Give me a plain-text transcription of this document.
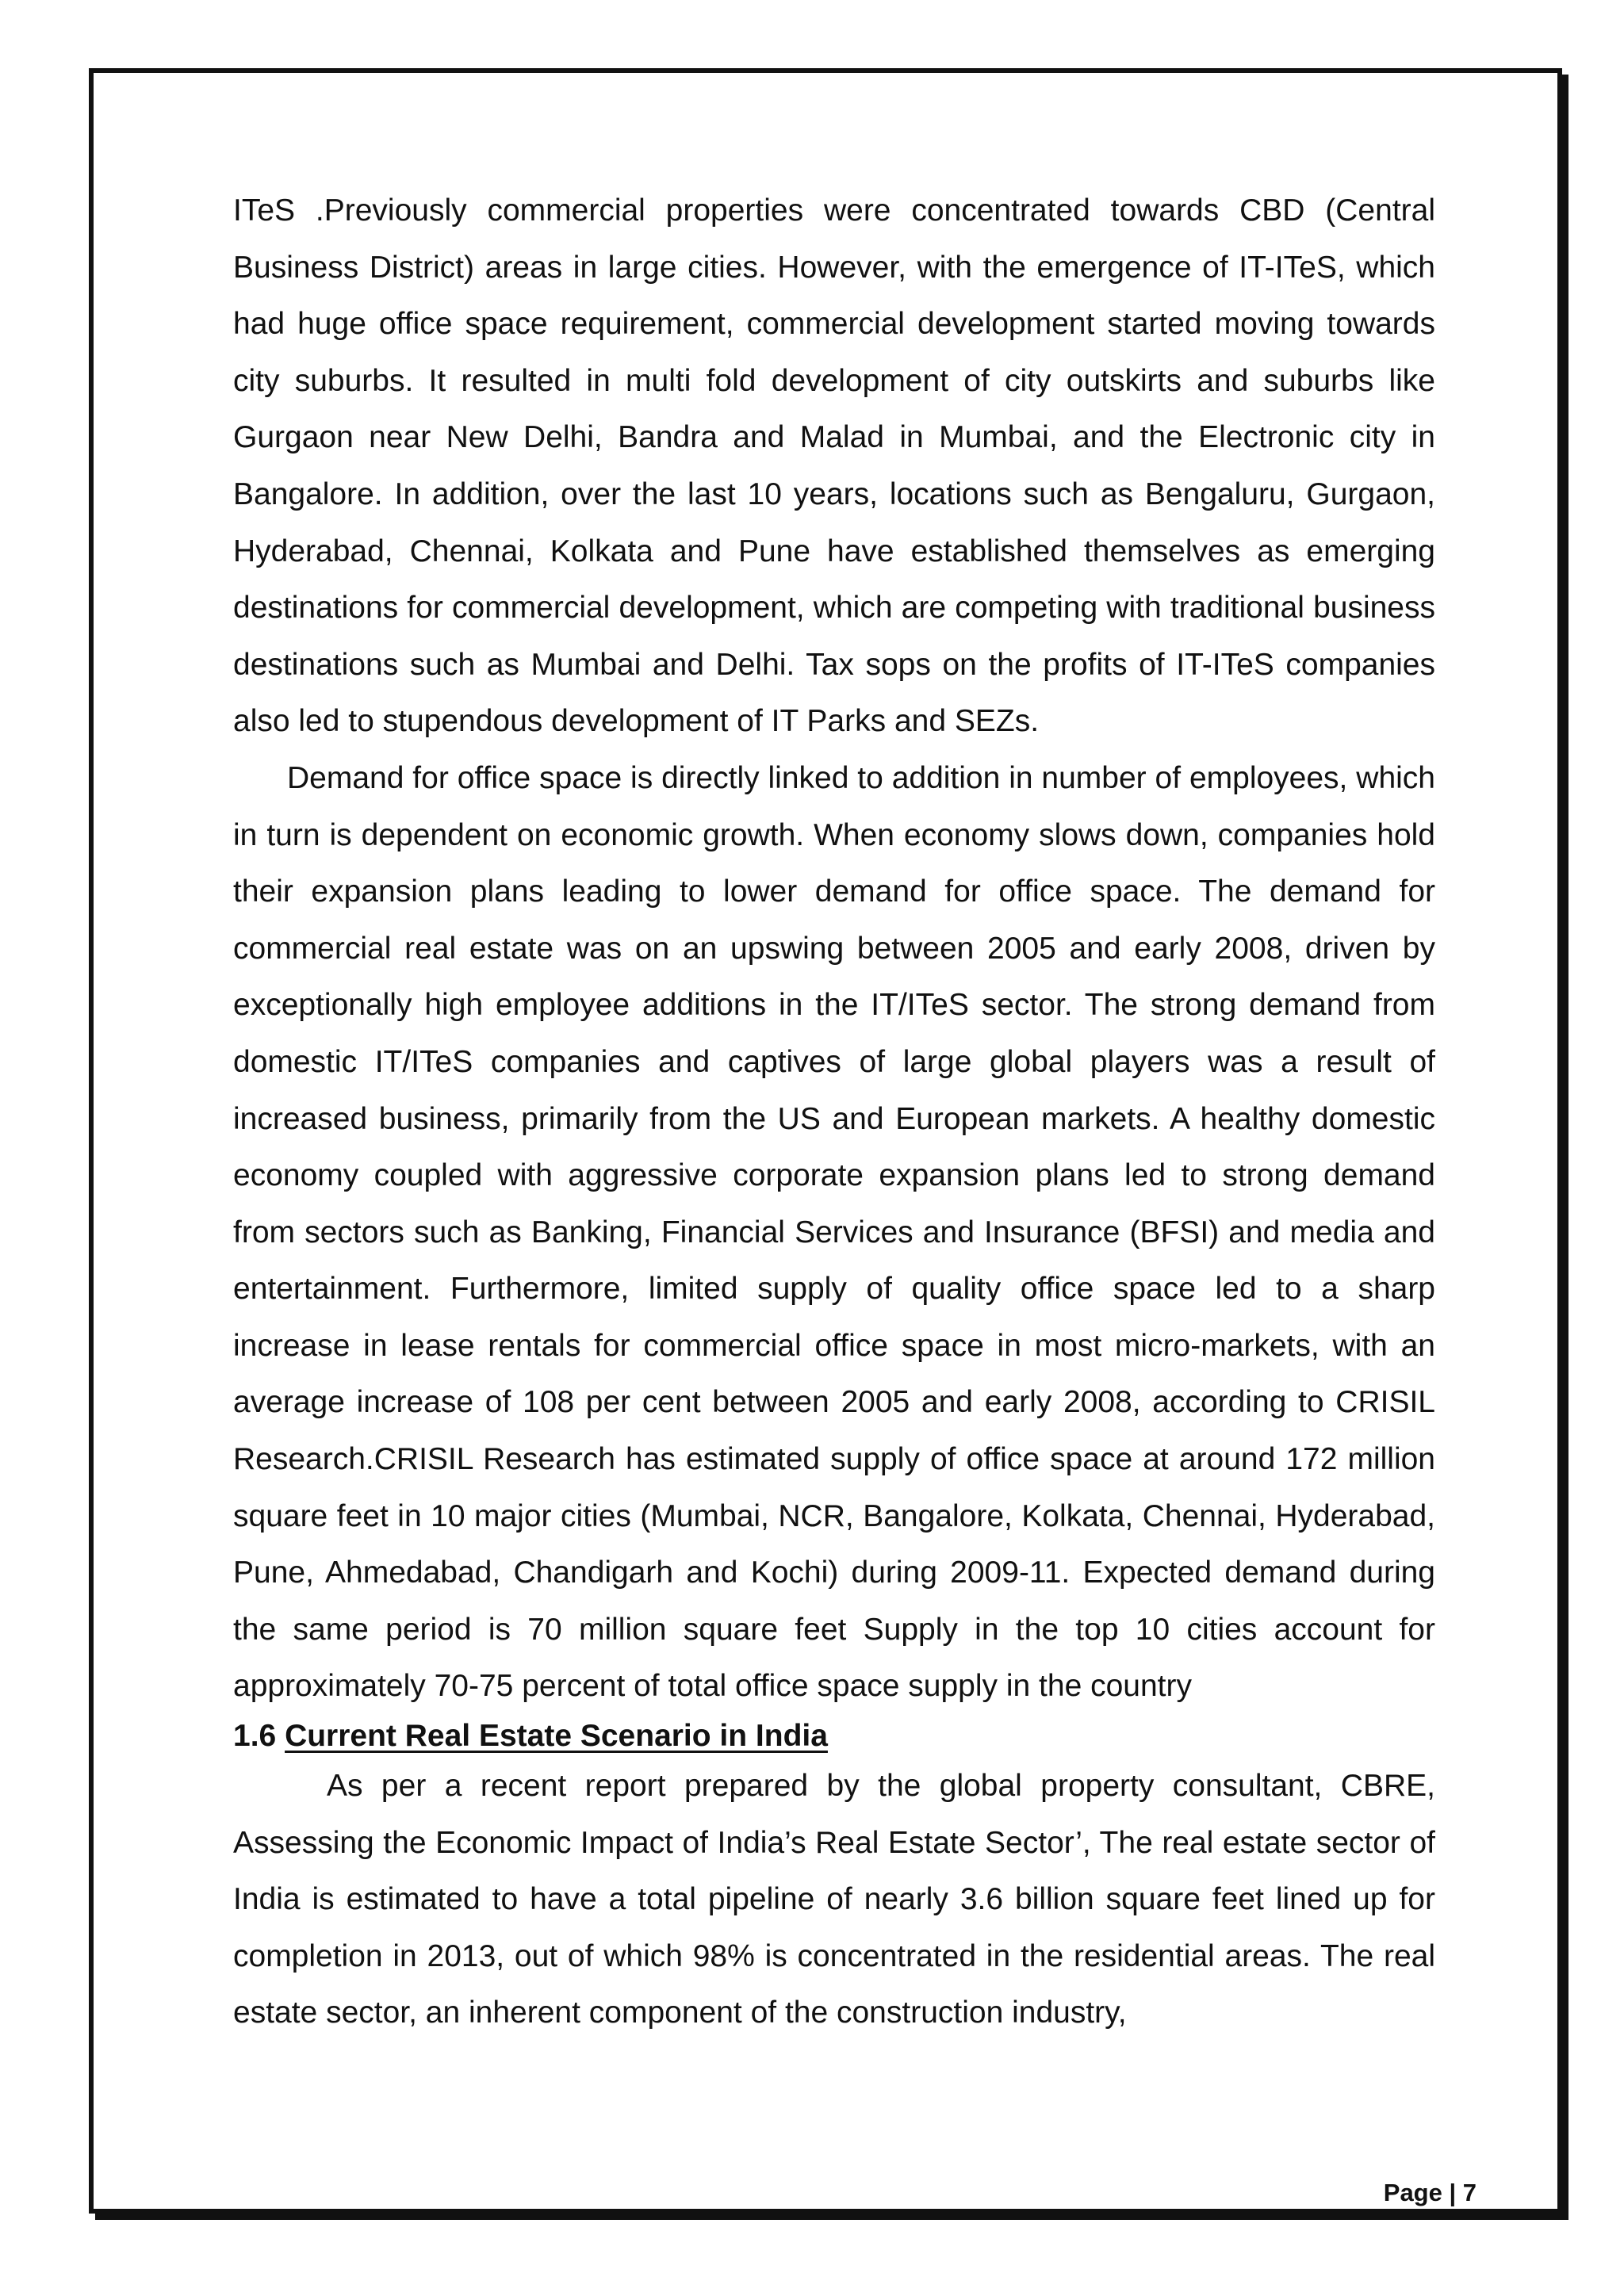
ITeS .Previously commercial properties were concentrated towards CBD (Central Business District) areas in large cities. However, with the emergence of IT-ITeS, which had huge office space requirement, commercial development started moving towards city suburbs. It resulted in multi fold development of city outskirts and suburbs like Gurgaon near New Delhi, Bandra and Malad in Mumbai, and the Electronic city in Bangalore. In addition, over the last 10 years, locations such as Bengaluru, Gurgaon, Hyderabad, Chennai, Kolkata and Pune have established themselves as emerging destinations for commercial development, which are competing with traditional business destinations such as Mumbai and Delhi. Tax sops on the profits of IT-ITeS companies also led to stupendous development of IT Parks and SEZs.

Demand for office space is directly linked to addition in number of employees, which in turn is dependent on economic growth. When economy slows down, companies hold their expansion plans leading to lower demand for office space. The demand for commercial real estate was on an upswing between 2005 and early 2008, driven by exceptionally high employee additions in the IT/ITeS sector. The strong demand from domestic IT/ITeS companies and captives of large global players was a result of increased business, primarily from the US and European markets. A healthy domestic economy coupled with aggressive corporate expansion plans led to strong demand from sectors such as Banking, Financial Services and Insurance (BFSI) and media and entertainment. Furthermore, limited supply of quality office space led to a sharp increase in lease rentals for commercial office space in most micro-markets, with an average increase of 108 per cent between 2005 and early 2008, according to CRISIL Research.CRISIL Research has estimated supply of office space at around 172 million square feet in 10 major cities (Mumbai, NCR, Bangalore, Kolkata, Chennai, Hyderabad, Pune, Ahmedabad, Chandigarh and Kochi) during 2009-11. Expected demand during the same period is 70 million square feet Supply in the top 10 cities account for approximately 70-75 percent of total office space supply in the country

1.6 Current Real Estate Scenario in India

As per a recent report prepared by the global property consultant, CBRE, Assessing the Economic Impact of India’s Real Estate Sector’, The real estate sector of India is estimated to have a total pipeline of nearly 3.6 billion square feet lined up for completion in 2013, out of which 98% is concentrated in the residential areas. The real estate sector, an inherent component of the construction industry,

Page | 7
